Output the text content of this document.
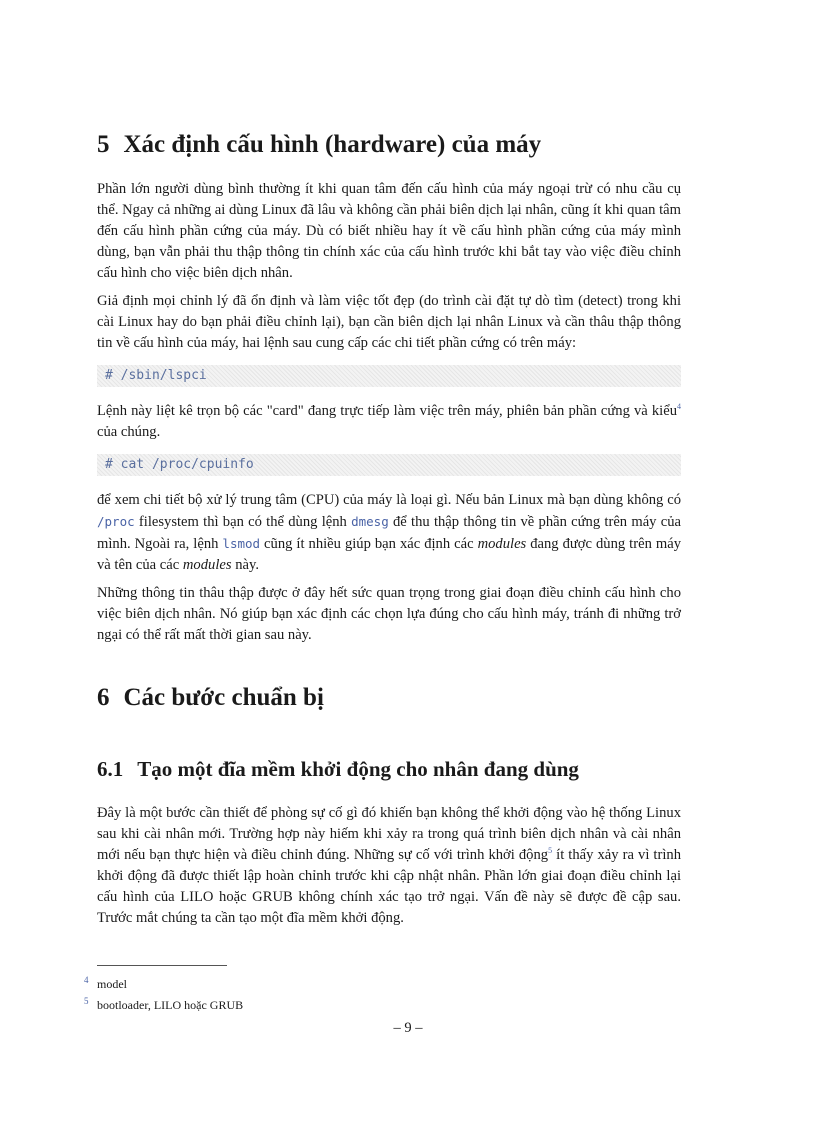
5 Xác định cấu hình (hardware) của máy

Phần lớn người dùng bình thường ít khi quan tâm đến cấu hình của máy ngoại trừ có nhu cầu cụ thể. Ngay cả những ai dùng Linux đã lâu và không cần phải biên dịch lại nhân, cũng ít khi quan tâm đến cấu hình phần cứng của máy. Dù có biết nhiều hay ít về cấu hình phần cứng của máy mình dùng, bạn vẫn phải thu thập thông tin chính xác của cấu hình trước khi bắt tay vào việc điều chỉnh cấu hình cho việc biên dịch nhân.

Giả định mọi chỉnh lý đã ổn định và làm việc tốt đẹp (do trình cài đặt tự dò tìm (detect) trong khi cài Linux hay do bạn phải điều chỉnh lại), bạn cần biên dịch lại nhân Linux và cần thâu thập thông tin về cấu hình của máy, hai lệnh sau cung cấp các chi tiết phần cứng có trên máy:

# /sbin/lspci

Lệnh này liệt kê trọn bộ các "card" đang trực tiếp làm việc trên máy, phiên bản phần cứng và kiểu$^4$ của chúng.

# cat /proc/cpuinfo

để xem chi tiết bộ xử lý trung tâm (CPU) của máy là loại gì. Nếu bản Linux mà bạn dùng không có /proc filesystem thì bạn có thể dùng lệnh dmesg để thu thập thông tin về phần cứng trên máy của mình. Ngoài ra, lệnh lsmod cũng ít nhiều giúp bạn xác định các modules đang được dùng trên máy và tên của các modules này.

Những thông tin thâu thập được ở đây hết sức quan trọng trong giai đoạn điều chỉnh cấu hình cho việc biên dịch nhân. Nó giúp bạn xác định các chọn lựa đúng cho cấu hình máy, tránh đi những trở ngại có thể rất mất thời gian sau này.

6 Các bước chuẩn bị
6.1 Tạo một đĩa mềm khởi động cho nhân đang dùng

Đây là một bước cần thiết để phòng sự cố gì đó khiến bạn không thể khởi động vào hệ thống Linux sau khi cài nhân mới. Trường hợp này hiếm khi xảy ra trong quá trình biên dịch nhân và cài nhân mới nếu bạn thực hiện và điều chỉnh đúng. Những sự cố với trình khởi động$^5$ ít thấy xảy ra vì trình khởi động đã được thiết lập hoàn chỉnh trước khi cập nhật nhân. Phần lớn giai đoạn điều chỉnh lại cấu hình của LILO hoặc GRUB không chính xác tạo trở ngại. Vấn đề này sẽ được đề cập sau. Trước mắt chúng ta cần tạo một đĩa mềm khởi động.

4 model
5 bootloader, LILO hoặc GRUB
– 9 –
